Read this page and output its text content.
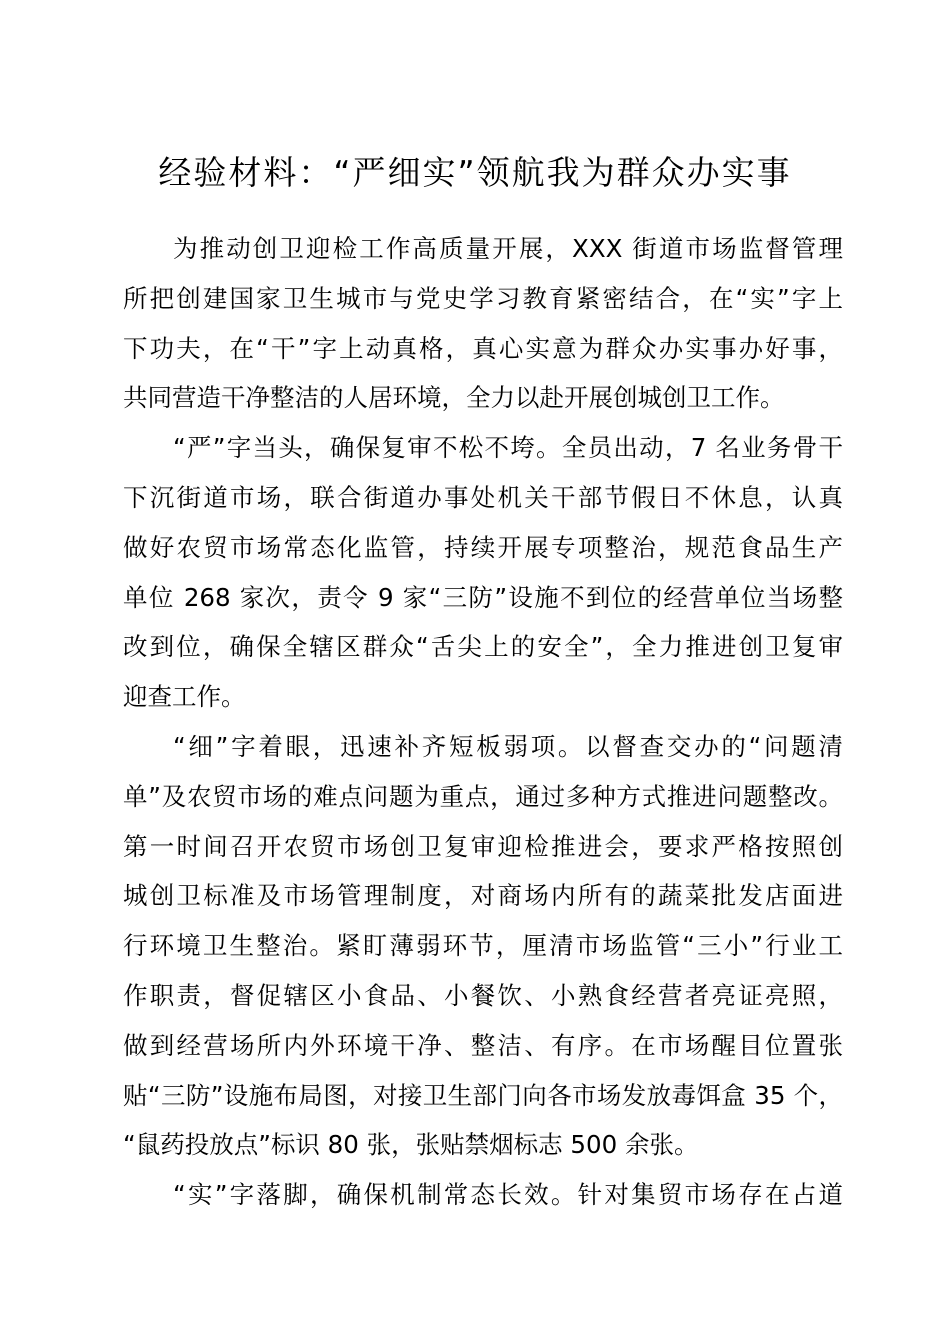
经验材料：“严细实”领航我为群众办实事

为推动创卫迎检工作高质量开展，XXX 街道市场监督管理
所把创建国家卫生城市与党史学习教育紧密结合，在“实”字上
下功夫，在“干”字上动真格，真心实意为群众办实事办好事，
共同营造干净整洁的人居环境，全力以赴开展创城创卫工作。

“严”字当头，确保复审不松不垮。全员出动，7 名业务骨干
下沉街道市场，联合街道办事处机关干部节假日不休息，认真
做好农贸市场常态化监管，持续开展专项整治，规范食品生产
单位 268 家次，责令 9 家“三防”设施不到位的经营单位当场整
改到位，确保全辖区群众“舌尖上的安全”，全力推进创卫复审
迎查工作。

“细”字着眼，迅速补齐短板弱项。以督查交办的“问题清
单”及农贸市场的难点问题为重点，通过多种方式推进问题整改。
第一时间召开农贸市场创卫复审迎检推进会，要求严格按照创
城创卫标准及市场管理制度，对商场内所有的蔬菜批发店面进
行环境卫生整治。紧盯薄弱环节，厘清市场监管“三小”行业工
作职责，督促辖区小食品、小餐饮、小熟食经营者亮证亮照，
做到经营场所内外环境干净、整洁、有序。在市场醒目位置张
贴“三防”设施布局图，对接卫生部门向各市场发放毒饵盒 35 个，
“鼠药投放点”标识 80 张，张贴禁烟标志 500 余张。

“实”字落脚，确保机制常态长效。针对集贸市场存在占道
